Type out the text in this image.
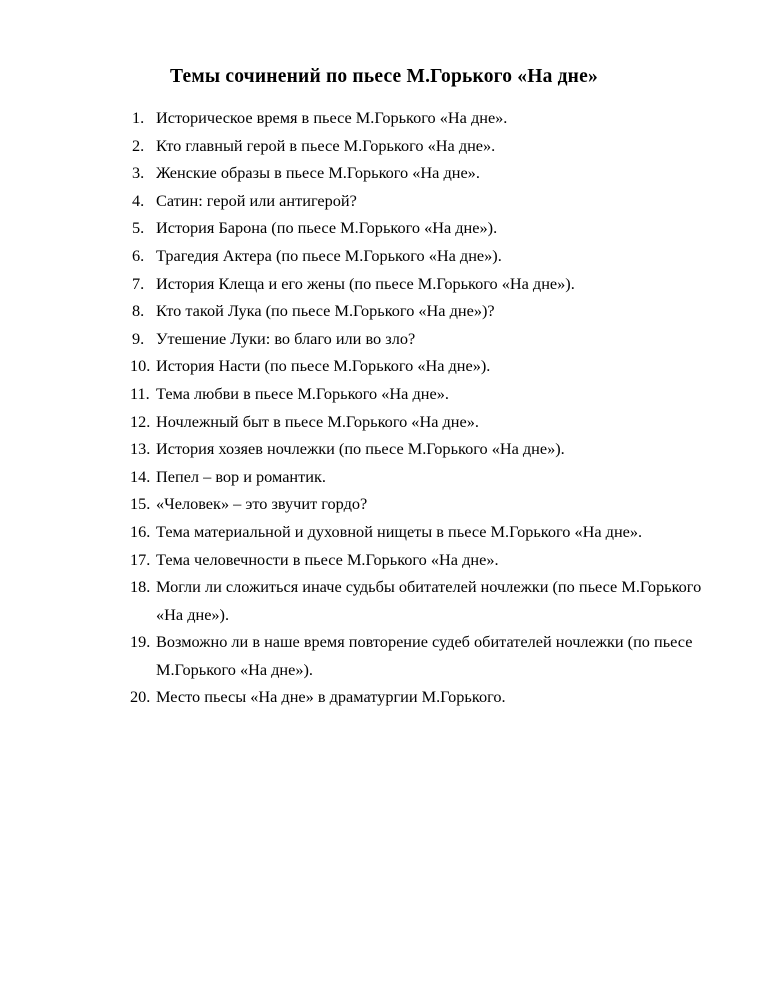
Темы сочинений по пьесе М.Горького «На дне»
1. Историческое время в пьесе М.Горького «На дне».
2. Кто главный герой в пьесе М.Горького «На дне».
3. Женские образы в пьесе М.Горького «На дне».
4. Сатин: герой или антигерой?
5. История Барона (по пьесе М.Горького «На дне»).
6. Трагедия Актера (по пьесе М.Горького «На дне»).
7. История Клеща и его жены (по пьесе М.Горького «На дне»).
8. Кто такой Лука (по пьесе М.Горького «На дне»)?
9. Утешение Луки: во благо или во зло?
10. История Насти (по пьесе М.Горького «На дне»).
11. Тема любви в пьесе М.Горького «На дне».
12. Ночлежный быт в пьесе М.Горького «На дне».
13. История хозяев ночлежки (по пьесе М.Горького «На дне»).
14. Пепел – вор и романтик.
15. «Человек» – это звучит гордо?
16. Тема материальной и духовной нищеты в пьесе М.Горького «На дне».
17. Тема человечности в пьесе М.Горького «На дне».
18. Могли ли сложиться иначе судьбы обитателей ночлежки (по пьесе М.Горького «На дне»).
19. Возможно ли в наше время повторение судеб обитателей ночлежки (по пьесе М.Горького «На дне»).
20. Место пьесы «На дне» в драматургии М.Горького.
